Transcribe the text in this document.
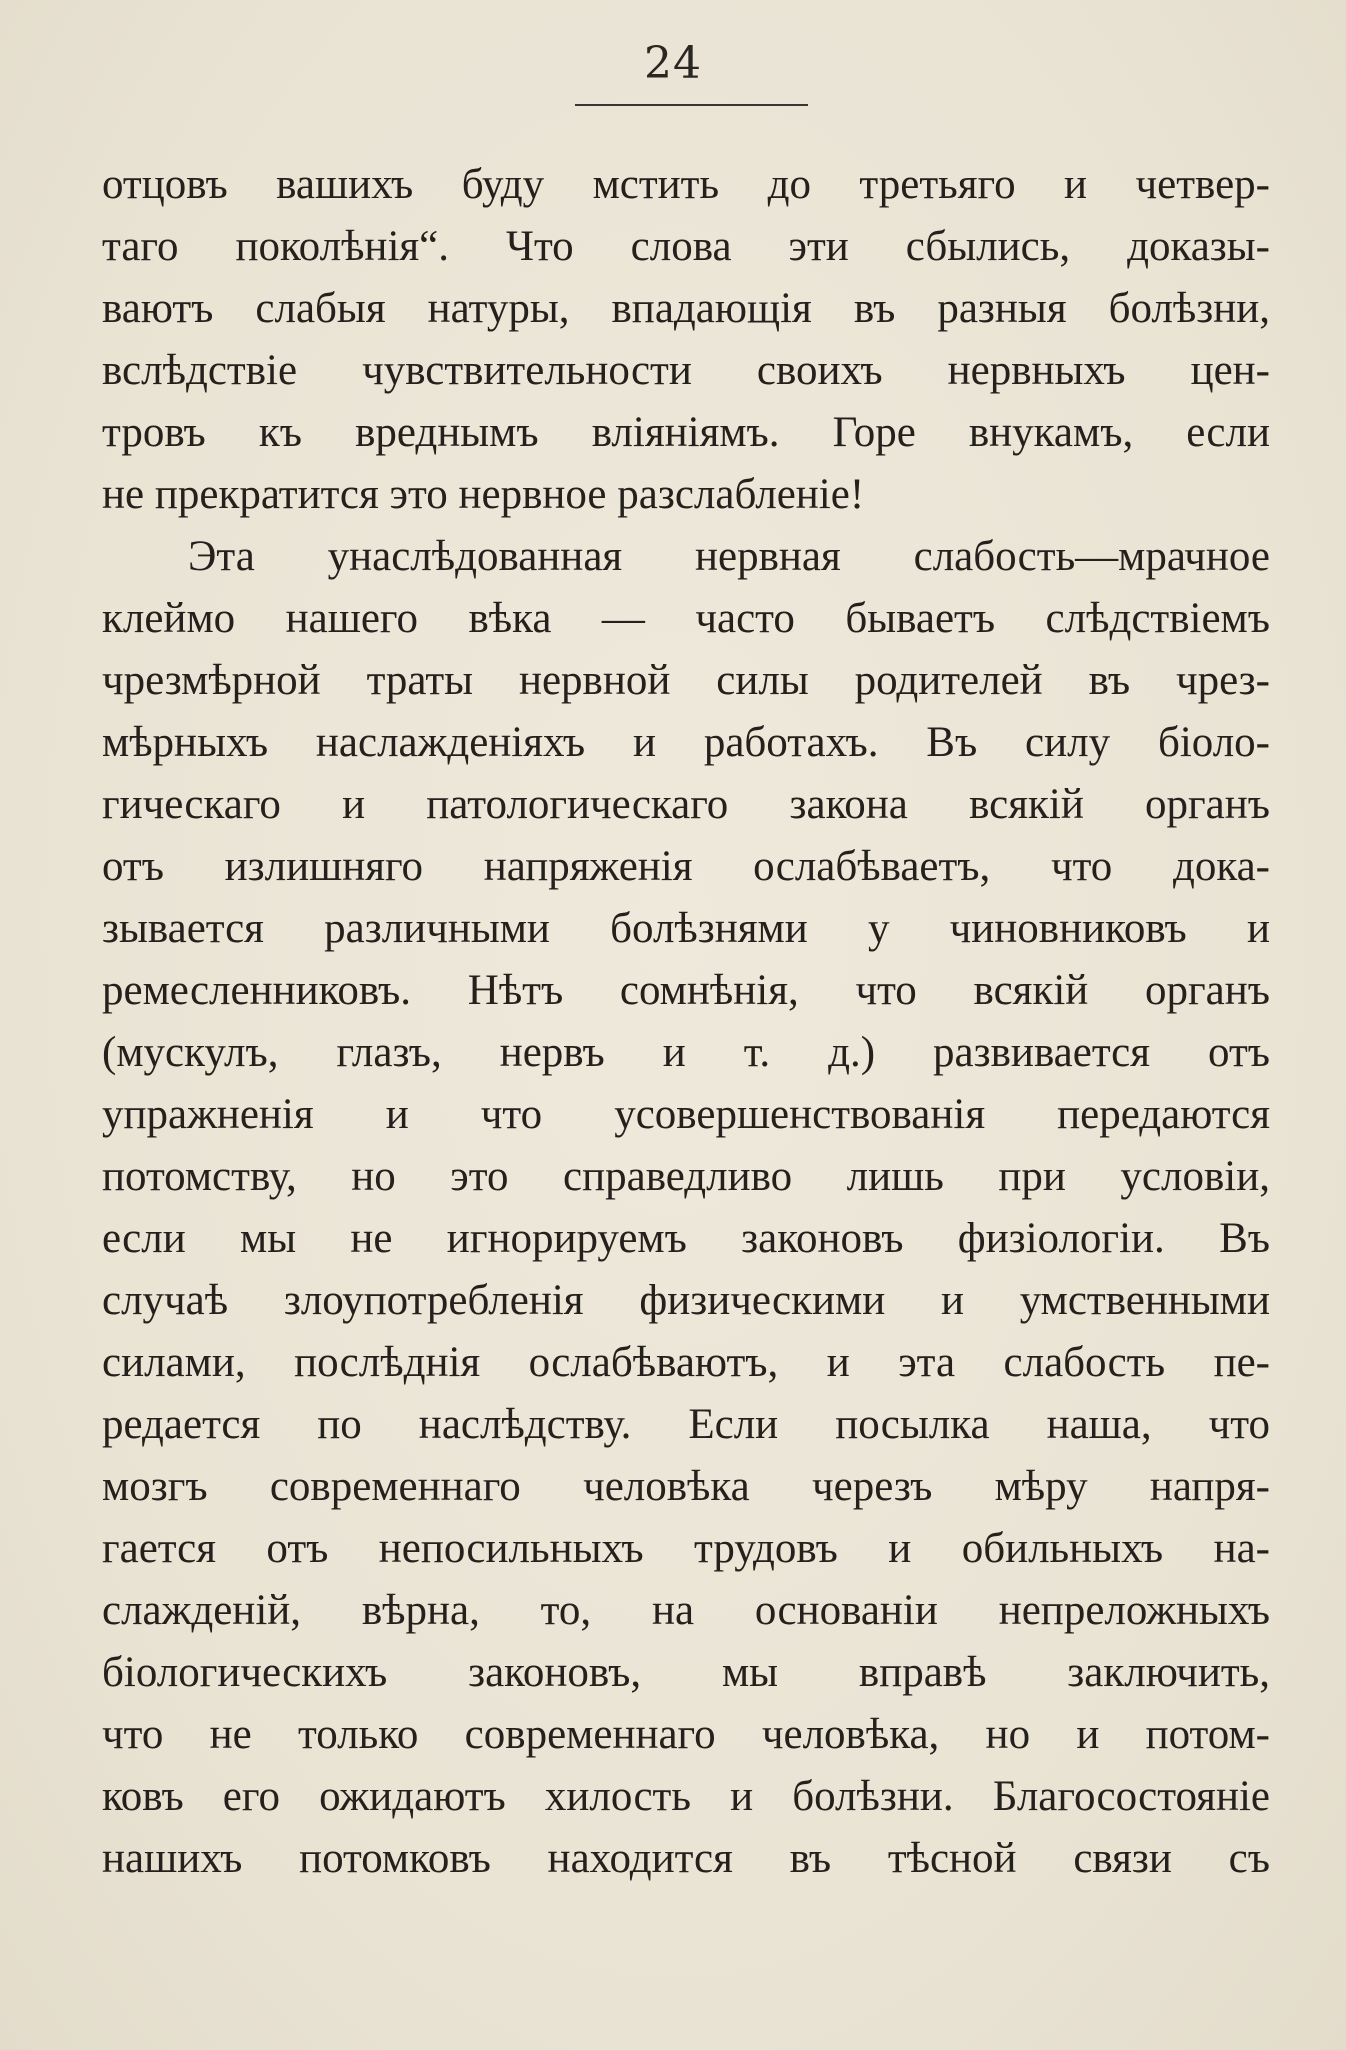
24
отцовъ вашихъ буду мстить до третьяго и четвер-
таго поколѣнія“. Что слова эти сбылись, доказы-
ваютъ слабыя натуры, впадающія въ разныя болѣзни,
вслѣдствіе чувствительности своихъ нервныхъ цен-
тровъ къ вреднымъ вліяніямъ. Горе внукамъ, если
не прекратится это нервное разслабленіе!
Эта унаслѣдованная нервная слабость—мрачное
клеймо нашего вѣка — часто бываетъ слѣдствіемъ
чрезмѣрной траты нервной силы родителей въ чрез-
мѣрныхъ наслажденіяхъ и работахъ. Въ силу біоло-
гическаго и патологическаго закона всякій органъ
отъ излишняго напряженія ослабѣваетъ, что дока-
зывается различными болѣзнями у чиновниковъ и
ремесленниковъ. Нѣтъ сомнѣнія, что всякій органъ
(мускулъ, глазъ, нервъ и т. д.) развивается отъ
упражненія и что усовершенствованія передаются
потомству, но это справедливо лишь при условіи,
если мы не игнорируемъ законовъ физіологіи. Въ
случаѣ злоупотребленія физическими и умственными
силами, послѣднія ослабѣваютъ, и эта слабость пе-
редается по наслѣдству. Если посылка наша, что
мозгъ современнаго человѣка черезъ мѣру напря-
гается отъ непосильныхъ трудовъ и обильныхъ на-
слажденій, вѣрна, то, на основаніи непреложныхъ
біологическихъ законовъ, мы вправѣ заключить,
что не только современнаго человѣка, но и потом-
ковъ его ожидаютъ хилость и болѣзни. Благосостояніе
нашихъ потомковъ находится въ тѣсной связи съ
